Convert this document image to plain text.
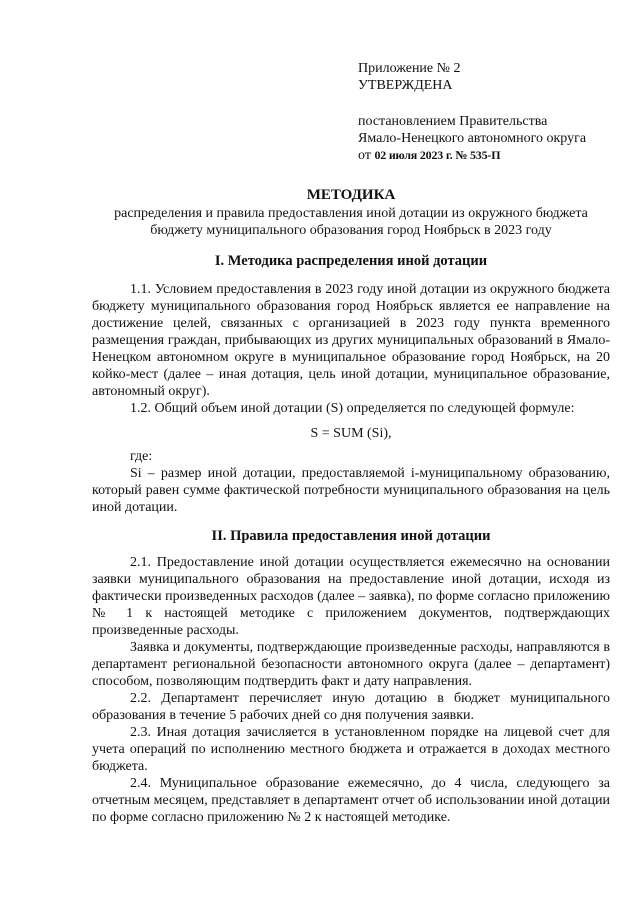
Приложение № 2
УТВЕРЖДЕНА
постановлением Правительства
Ямало-Ненецкого автономного округа
от 02 июля 2023 г. № 535-П
МЕТОДИКА
распределения и правила предоставления иной дотации из окружного бюджета
бюджету муниципального образования город Ноябрьск в 2023 году
I. Методика распределения иной дотации

1.1. Условием предоставления в 2023 году иной дотации из окружного бюджета бюджету муниципального образования город Ноябрьск является ее направление на достижение целей, связанных с организацией в 2023 году пункта временного размещения граждан, прибывающих из других муниципальных образований в Ямало-Ненецком автономном округе в муниципальное образование город Ноябрьск, на 20 койко-мест (далее – иная дотация, цель иной дотации, муниципальное образование, автономный округ).

1.2. Общий объем иной дотации (S) определяется по следующей формуле:

S = SUM (Si),

где:

Si – размер иной дотации, предоставляемой i-муниципальному образованию, который равен сумме фактической потребности муниципального образования на цель иной дотации.

II. Правила предоставления иной дотации

2.1. Предоставление иной дотации осуществляется ежемесячно на основании заявки муниципального образования на предоставление иной дотации, исходя из фактически произведенных расходов (далее – заявка), по форме согласно приложению № 1 к настоящей методике с приложением документов, подтверждающих произведенные расходы.

Заявка и документы, подтверждающие произведенные расходы, направляются в департамент региональной безопасности автономного округа (далее – департамент) способом, позволяющим подтвердить факт и дату направления.

2.2. Департамент перечисляет иную дотацию в бюджет муниципального образования в течение 5 рабочих дней со дня получения заявки.

2.3. Иная дотация зачисляется в установленном порядке на лицевой счет для учета операций по исполнению местного бюджета и отражается в доходах местного бюджета.

2.4. Муниципальное образование ежемесячно, до 4 числа, следующего за отчетным месяцем, представляет в департамент отчет об использовании иной дотации по форме согласно приложению № 2 к настоящей методике.
